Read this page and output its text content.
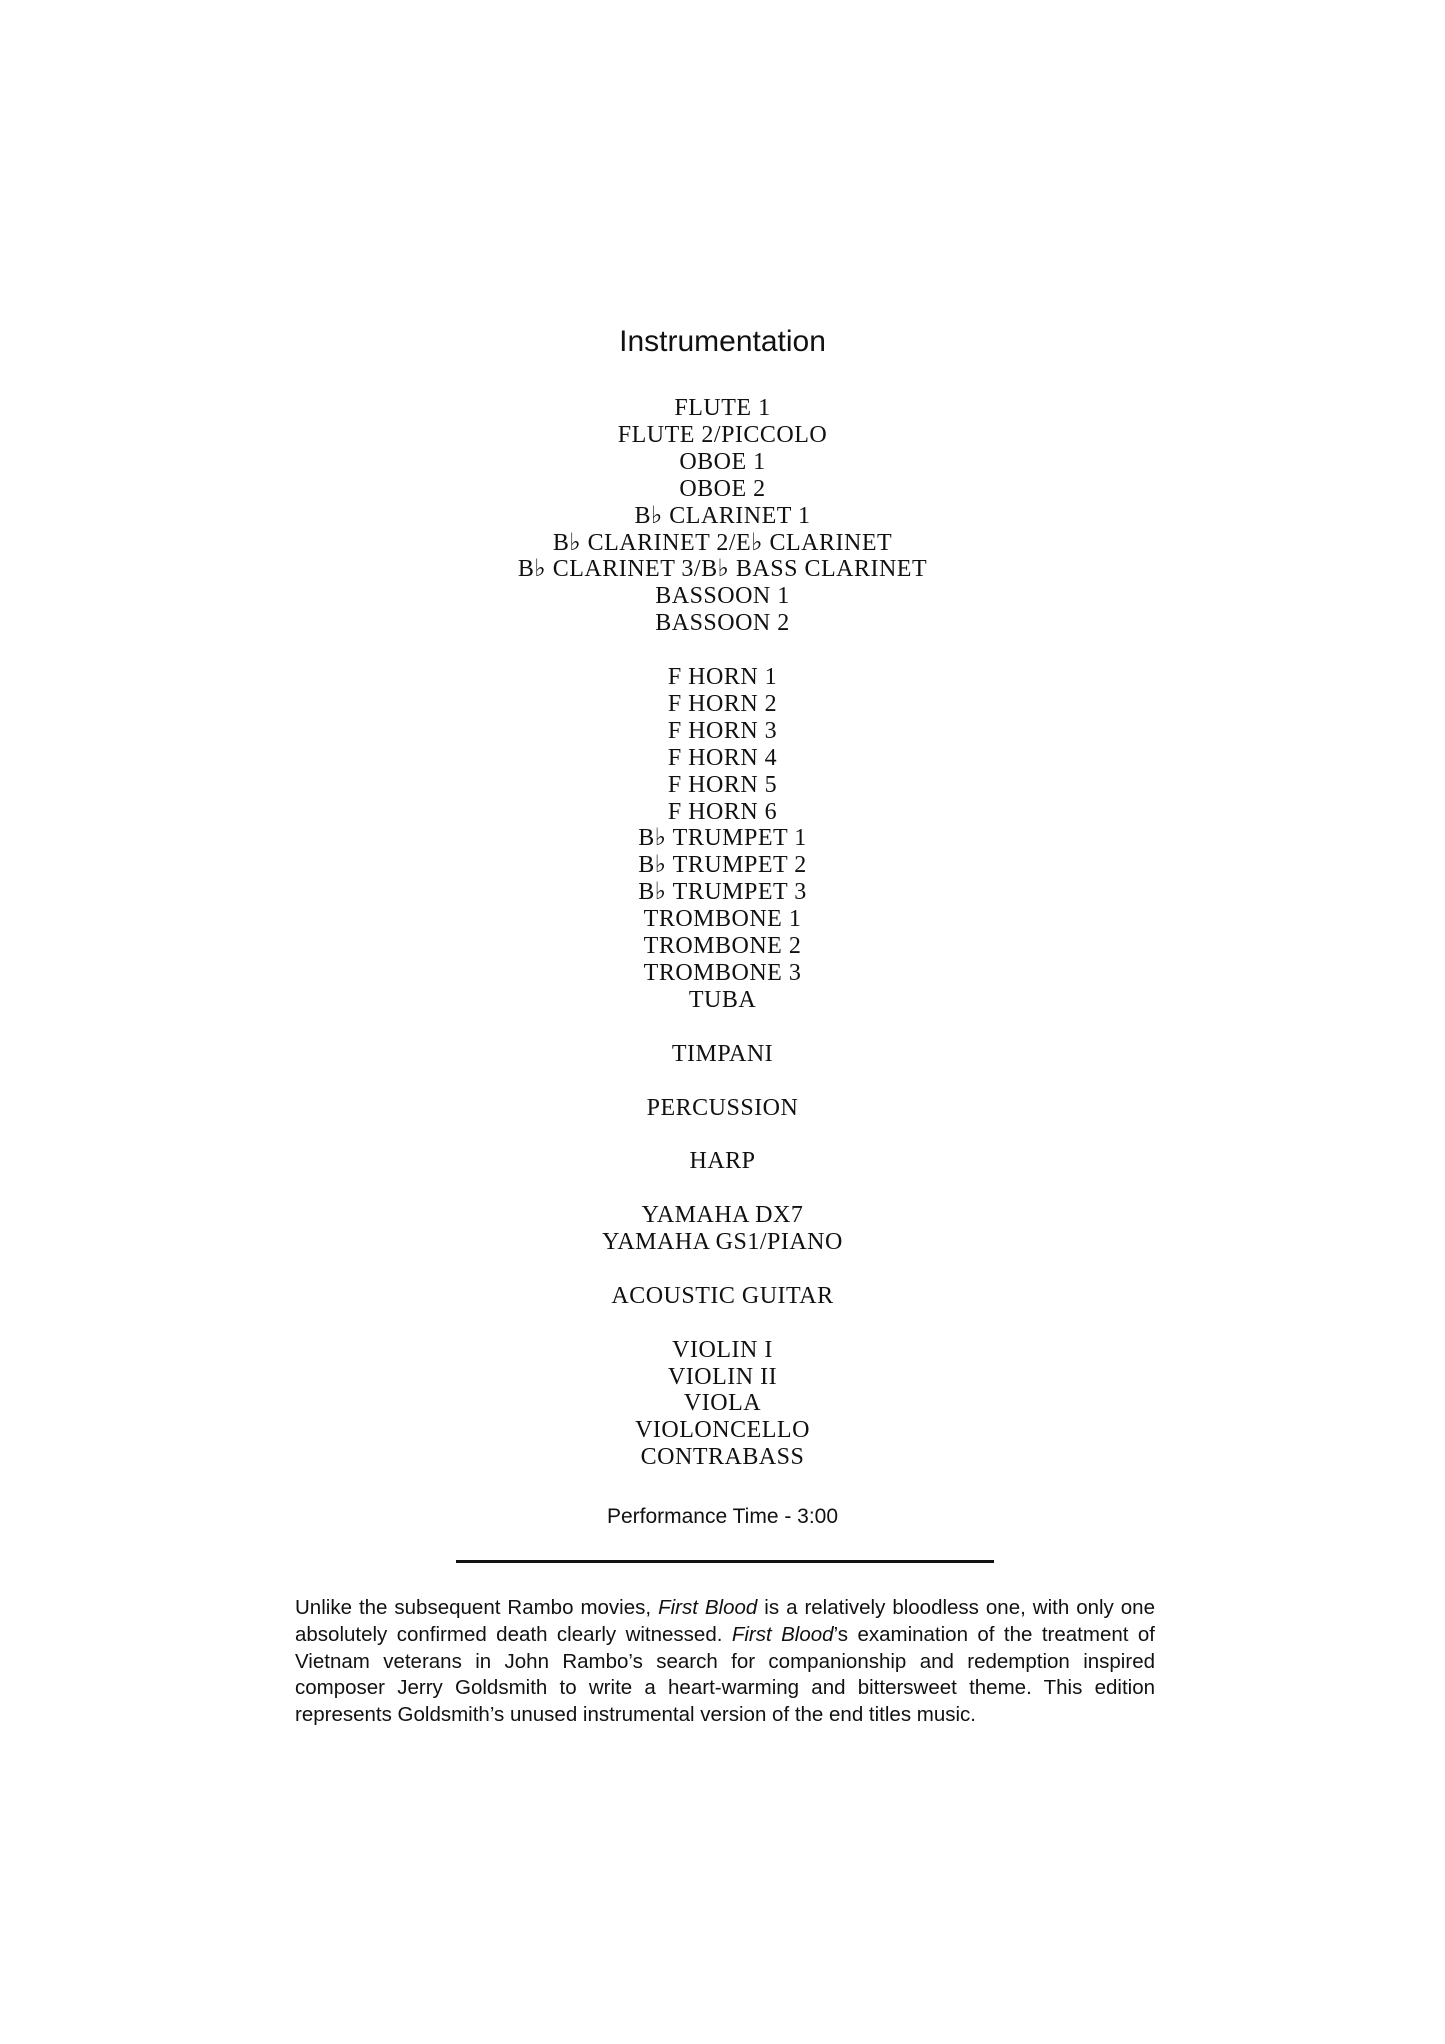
Instrumentation
FLUTE 1
FLUTE 2/PICCOLO
OBOE 1
OBOE 2
B♭ CLARINET 1
B♭ CLARINET 2/E♭ CLARINET
B♭ CLARINET 3/B♭ BASS CLARINET
BASSOON 1
BASSOON 2
F HORN 1
F HORN 2
F HORN 3
F HORN 4
F HORN 5
F HORN 6
B♭ TRUMPET 1
B♭ TRUMPET 2
B♭ TRUMPET 3
TROMBONE 1
TROMBONE 2
TROMBONE 3
TUBA
TIMPANI
PERCUSSION
HARP
YAMAHA DX7
YAMAHA GS1/PIANO
ACOUSTIC GUITAR
VIOLIN I
VIOLIN II
VIOLA
VIOLONCELLO
CONTRABASS
Performance Time - 3:00

Unlike the subsequent Rambo movies, First Blood is a relatively bloodless one, with only one absolutely confirmed death clearly witnessed. First Blood’s examination of the treatment of Vietnam veterans in John Rambo’s search for companionship and redemption inspired composer Jerry Goldsmith to write a heart-warming and bittersweet theme. This edition represents Goldsmith’s unused instrumental version of the end titles music.
